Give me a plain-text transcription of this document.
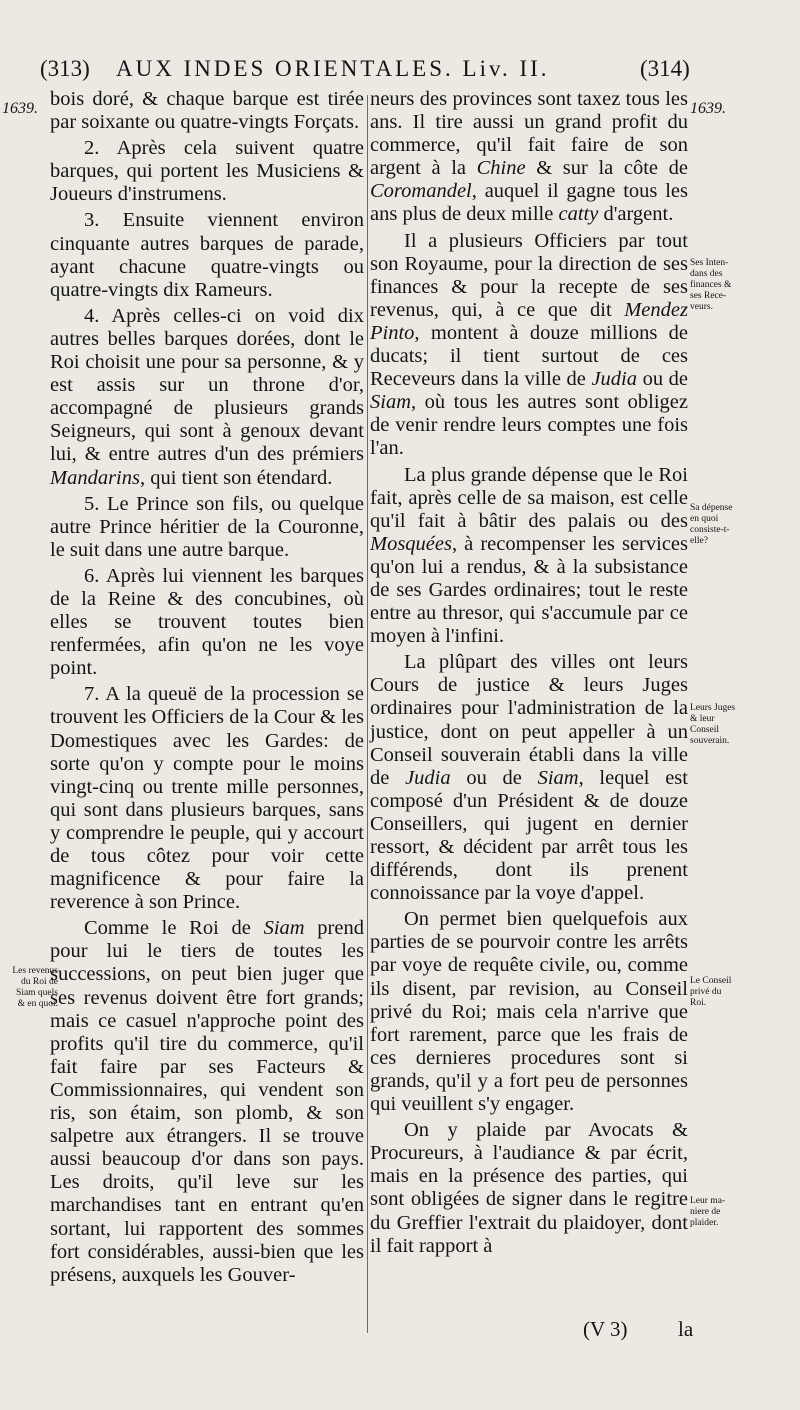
(313) AUX INDES ORIENTALES. Liv. II.	(314)
1639.	1639.

bois doré, & chaque barque est tirée par soixante ou quatre-vingts Forçats.

2. Après cela suivent quatre barques, qui portent les Musiciens & Joueurs d'instrumens.

3. Ensuite viennent environ cinquante autres barques de parade, ayant chacune quatre-vingts ou quatre-vingts dix Rameurs.

4. Après celles-ci on void dix autres belles barques dorées, dont le Roi choisit une pour sa personne, & y est assis sur un throne d'or, accompagné de plusieurs grands Seigneurs, qui sont à genoux devant lui, & entre autres d'un des prémiers Mandarins, qui tient son étendard.

5. Le Prince son fils, ou quelque autre Prince héritier de la Couronne, le suit dans une autre barque.

6. Après lui viennent les barques de la Reine & des concubines, où elles se trouvent toutes bien renfermées, afin qu'on ne les voye point.

7. A la queuë de la procession se trouvent les Officiers de la Cour & les Domestiques avec les Gardes: de sorte qu'on y compte pour le moins vingt-cinq ou trente mille personnes, qui sont dans plusieurs barques, sans y comprendre le peuple, qui y accourt de tous côtez pour voir cette magnificence & pour faire la reverence à son Prince.

Comme le Roi de Siam prend pour lui le tiers de toutes les successions, on peut bien juger que ses revenus doivent être fort grands; mais ce casuel n'approche point des profits qu'il tire du commerce, qu'il fait faire par ses Facteurs & Commissionnaires, qui vendent son ris, son étaim, son plomb, & son salpetre aux étrangers. Il se trouve aussi beaucoup d'or dans son pays. Les droits, qu'il leve sur les marchandises tant en entrant qu'en sortant, lui rapportent des sommes fort considérables, aussi-bien que les présens, auxquels les Gouver-

neurs des provinces sont taxez tous les ans. Il tire aussi un grand profit du commerce, qu'il fait faire de son argent à la Chine & sur la côte de Coromandel, auquel il gagne tous les ans plus de deux mille catty d'argent.

Il a plusieurs Officiers par tout son Royaume, pour la direction de ses finances & pour la recepte de ses revenus, qui, à ce que dit Mendez Pinto, montent à douze millions de ducats; il tient surtout de ces Receveurs dans la ville de Judia ou de Siam, où tous les autres sont obligez de venir rendre leurs comptes une fois l'an.

La plus grande dépense que le Roi fait, après celle de sa maison, est celle qu'il fait à bâtir des palais ou des Mosquées, à recompenser les services qu'on lui a rendus, & à la subsistance de ses Gardes ordinaires; tout le reste entre au thresor, qui s'accumule par ce moyen à l'infini.

La plûpart des villes ont leurs Cours de justice & leurs Juges ordinaires pour l'administration de la justice, dont on peut appeller à un Conseil souverain établi dans la ville de Judia ou de Siam, lequel est composé d'un Président & de douze Conseillers, qui jugent en dernier ressort, & décident par arrêt tous les différends, dont ils prenent connoissance par la voye d'appel.

On permet bien quelquefois aux parties de se pourvoir contre les arrêts par voye de requête civile, ou, comme ils disent, par revision, au Conseil privé du Roi; mais cela n'arrive que fort rarement, parce que les frais de ces dernieres procedures sont si grands, qu'il y a fort peu de personnes qui veuillent s'y engager.

On y plaide par Avocats & Procureurs, à l'audiance & par écrit, mais en la présence des parties, qui sont obligées de signer dans le regitre du Greffier l'extrait du plaidoyer, dont il fait rapport à

Les revenus
du Roi de
Siam quels
& en quoi.
Ses Inten-
dans des
finances &
ses Rece-
veurs.
Sa dépense
en quoi
consiste-t-
elle?
Leurs Juges
& leur
Conseil
souverain.
Le Conseil
privé du
Roi.
Leur ma-
niere de
plaider.
(V 3) la
